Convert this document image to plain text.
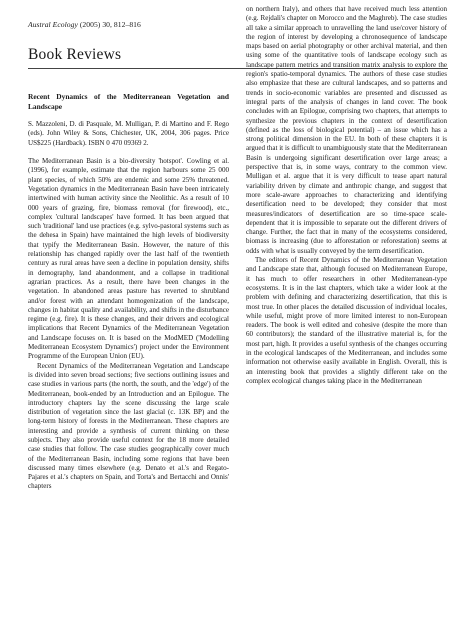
Austral Ecology (2005) 30, 812–816
Book Reviews
Recent Dynamics of the Mediterranean Vegetation and Landscape
S. Mazzoleni, D. di Pasquale, M. Mulligan, P. di Martino and F. Rego (eds). John Wiley & Sons, Chichester, UK, 2004, 306 pages. Price US$225 (Hardback). ISBN 0 470 09369 2.

The Mediterranean Basin is a bio-diversity 'hotspot'. Cowling et al. (1996), for example, estimate that the region harbours some 25 000 plant species, of which 50% are endemic and some 25% threatened. Vegetation dynamics in the Mediterranean Basin have been intricately intertwined with human activity since the Neolithic. As a result of 10 000 years of grazing, fire, biomass removal (for firewood), etc., complex 'cultural landscapes' have formed. It has been argued that such 'traditional' land use practices (e.g. sylvo-pastoral systems such as the dehesa in Spain) have maintained the high levels of biodiversity that typify the Mediterranean Basin. However, the nature of this relationship has changed rapidly over the last half of the twentieth century as rural areas have seen a decline in population density, shifts in demography, land abandonment, and a collapse in traditional agrarian practices. As a result, there have been changes in the vegetation. In abandoned areas pasture has reverted to shrubland and/or forest with an attendant homogenization of the landscape, changes in habitat quality and availability, and shifts in the disturbance regime (e.g. fire). It is these changes, and their drivers and ecological implications that Recent Dynamics of the Mediterranean Vegetation and Landscape focuses on. It is based on the ModMED ('Modelling Mediterranean Ecosystem Dynamics') project under the Environment Programme of the European Union (EU).

Recent Dynamics of the Mediterranean Vegetation and Landscape is divided into seven broad sections; five sections outlining issues and case studies in various parts (the north, the south, and the 'edge') of the Mediterranean, book-ended by an Introduction and an Epilogue. The introductory chapters lay the scene discussing the large scale distribution of vegetation since the last glacial (c. 13K BP) and the long-term history of forests in the Mediterranean. These chapters are interesting and provide a synthesis of current thinking on these subjects. They also provide useful context for the 18 more detailed case studies that follow. The case studies geographically cover much of the Mediterranean Basin, including some regions that have been discussed many times elsewhere (e.g. Denato et al.'s and Regato-Pajares et al.'s chapters on Spain, and Torta's and Bertacchi and Onnis' chapters

on northern Italy), and others that have received much less attention (e.g. Rejdali's chapter on Morocco and the Maghreb). The case studies all take a similar approach to unravelling the land use/cover history of the region of interest by developing a chronosequence of landscape maps based on aerial photography or other archival material, and then using some of the quantitative tools of landscape ecology such as landscape pattern metrics and transition matrix analysis to explore the region's spatio-temporal dynamics. The authors of these case studies also emphasize that these are cultural landscapes, and so patterns and trends in socio-economic variables are presented and discussed as integral parts of the analysis of changes in land cover. The book concludes with an Epilogue, comprising two chapters, that attempts to synthesize the previous chapters in the context of desertification (defined as the loss of biological potential) – an issue which has a strong political dimension in the EU. In both of these chapters it is argued that it is difficult to unambiguously state that the Mediterranean Basin is undergoing significant desertification over large areas; a perspective that is, in some ways, contrary to the common view. Mulligan et al. argue that it is very difficult to tease apart natural variability driven by climate and anthropic change, and suggest that more scale-aware approaches to characterizing and identifying desertification need to be developed; they consider that most measures/indicators of desertification are so time-space scale-dependent that it is impossible to separate out the different drivers of change. Further, the fact that in many of the ecosystems considered, biomass is increasing (due to afforestation or reforestation) seems at odds with what is usually conveyed by the term desertification.

The editors of Recent Dynamics of the Mediterranean Vegetation and Landscape state that, although focused on Mediterranean Europe, it has much to offer researchers in other Mediterranean-type ecosystems. It is in the last chapters, which take a wider look at the problem with defining and characterizing desertification, that this is most true. In other places the detailed discussion of individual locales, while useful, might prove of more limited interest to non-European readers. The book is well edited and cohesive (despite the more than 60 contributors); the standard of the illustrative material is, for the most part, high. It provides a useful synthesis of the changes occurring in the ecological landscapes of the Mediterranean, and includes some information not otherwise easily available in English. Overall, this is an interesting book that provides a slightly different take on the complex ecological changes taking place in the Mediterranean
